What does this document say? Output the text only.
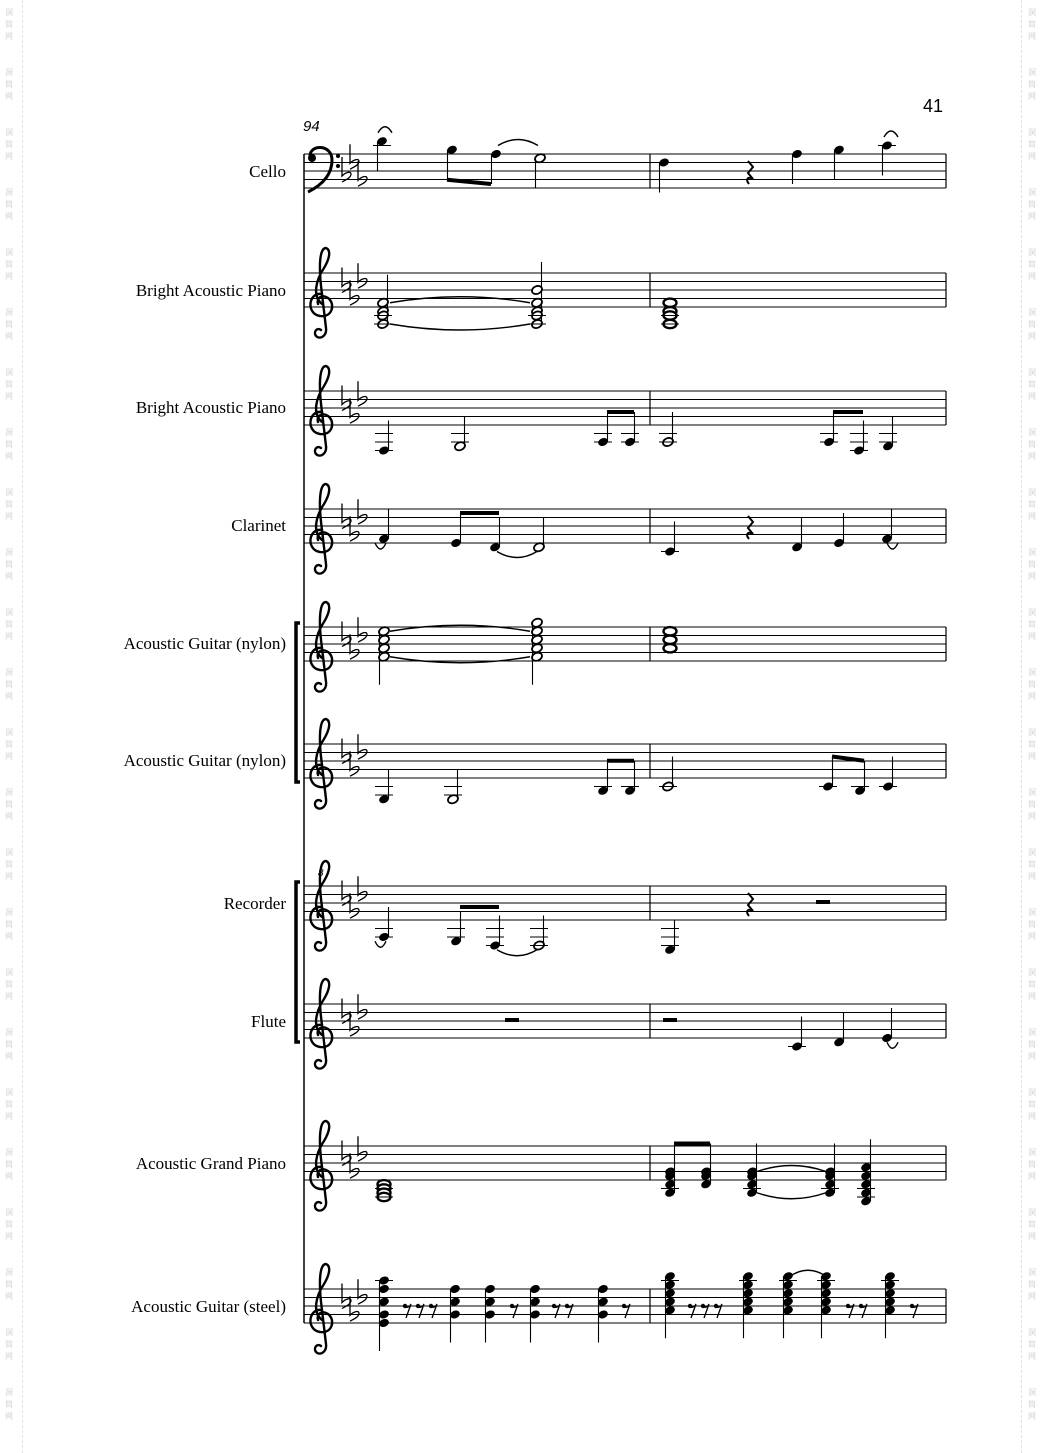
洞
简
网
洞
简
网
洞
简
网
洞
简
网
洞
简
网
洞
简
网
洞
简
网
洞
简
网
洞
简
网
洞
简
网
洞
简
网
洞
简
网
洞
简
网
洞
简
网
洞
简
网
洞
简
网
洞
简
网
洞
简
网
洞
简
网
洞
简
网
洞
简
网
洞
简
网
洞
简
网
洞
简
网
洞
简
网
洞
简
网
洞
简
网
洞
简
网
洞
简
网
洞
简
网
洞
简
网
洞
简
网
洞
简
网
洞
简
网
洞
简
网
洞
简
网
洞
简
网
洞
简
网
洞
简
网
洞
简
网
洞
简
网
洞
简
网
洞
简
网
洞
简
网
洞
简
网
洞
简
网
洞
简
网
洞
简
网
41
94
Cello
Bright Acoustic Piano
Bright Acoustic Piano
Clarinet
Acoustic Guitar (nylon)
Acoustic Guitar (nylon)
Recorder
Flute
Acoustic Grand Piano
Acoustic Guitar (steel)
8
